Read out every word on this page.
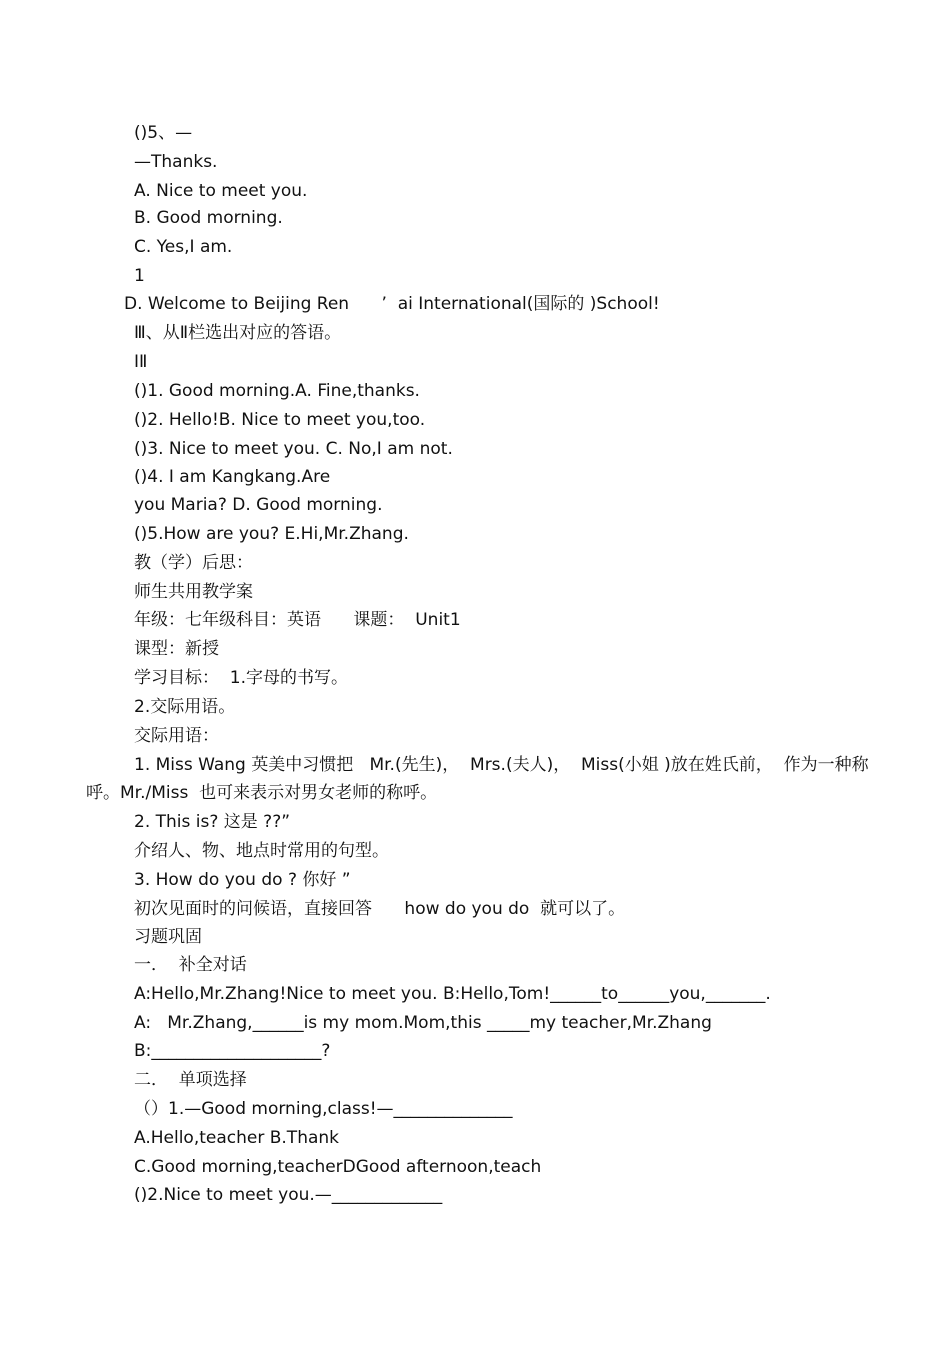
()5、—
—Thanks.
A. Nice to meet you.
B. Good morning.
C. Yes,I am.
1
D. Welcome to Beijing Ren      ’  ai International(国际的 )School!
Ⅲ、从Ⅱ栏选出对应的答语。
ⅠⅡ
()1. Good morning.A. Fine,thanks.
()2. Hello!B. Nice to meet you,too.
()3. Nice to meet you. C. No,I am not.
()4. I am Kangkang.Are
you Maria? D. Good morning.
()5.How are you? E.Hi,Mr.Zhang.
教（学）后思：
师生共用教学案
年级：七年级科目：英语      课题：  Unit1
课型：新授
学习目标：  1.字母的书写。
2.交际用语。
交际用语：
1. Miss Wang 英美中习惯把   Mr.(先生)，  Mrs.(夫人)，  Miss(小姐 )放在姓氏前，  作为一种称
呼。Mr./Miss  也可来表示对男女老师的称呼。
2. This is? 这是 ??”
介绍人、物、地点时常用的句型。
3. How do you do ? 你好 ”
初次见面时的问候语，直接回答      how do you do  就可以了。
习题巩固
一．  补全对话
A:Hello,Mr.Zhang!Nice to meet you. B:Hello,Tom!______to______you,_______.
A:   Mr.Zhang,______is my mom.Mom,this _____my teacher,Mr.Zhang
B:____________________?
二．  单项选择
（）1.—Good morning,class!—______________
A.Hello,teacher B.Thank
C.Good morning,teacherDGood afternoon,teach
()2.Nice to meet you.—_____________
